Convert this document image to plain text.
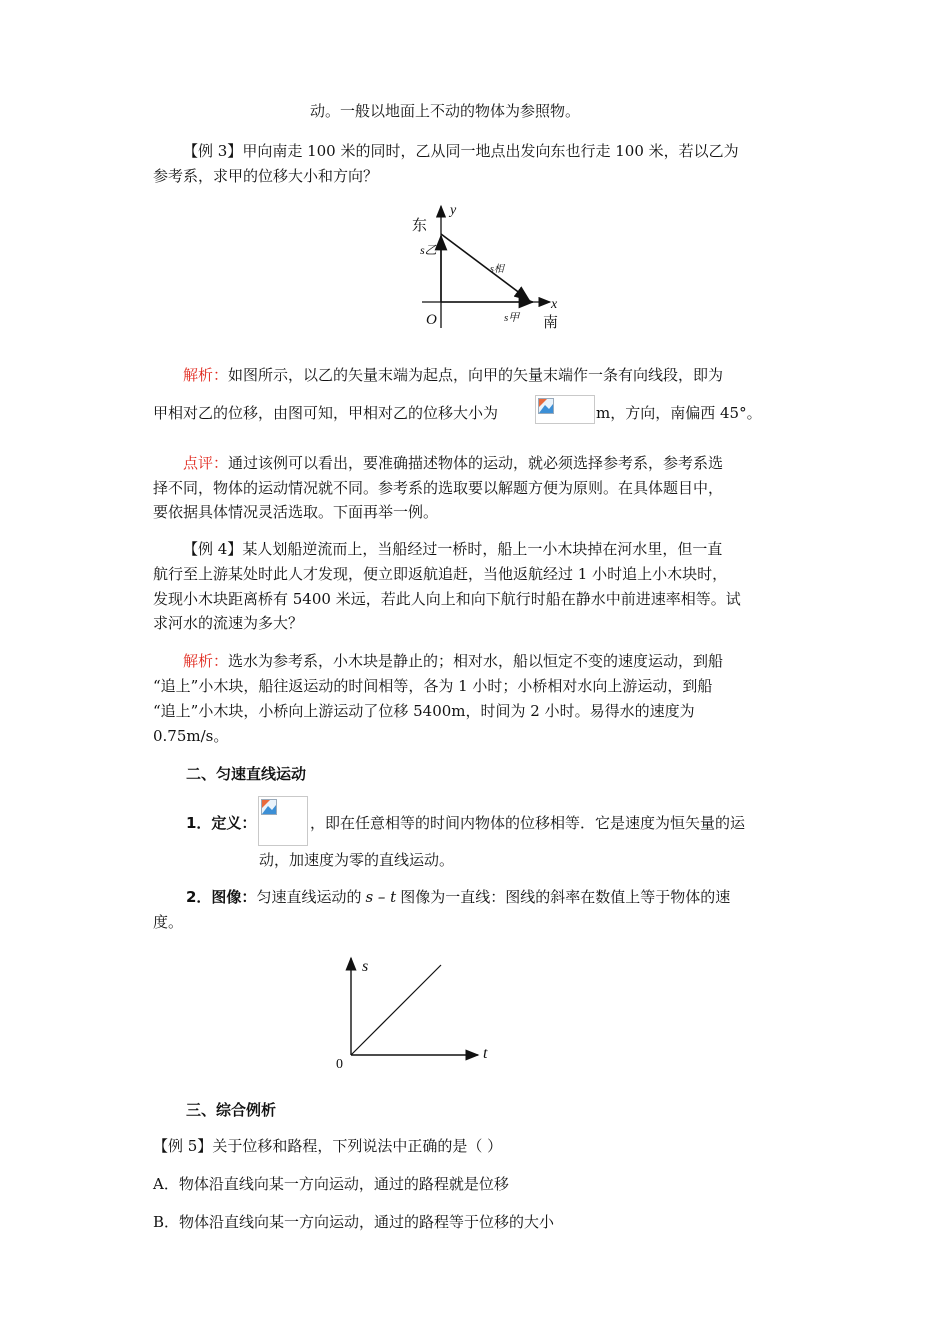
动。一般以地面上不动的物体为参照物。
【例 3】甲向南走 100 米的同时，乙从同一地点出发向东也行走 100 米，若以乙为
参考系，求甲的位移大小和方向？
东
南
y
x
O
s乙
s相
s甲
解析：如图所示，以乙的矢量末端为起点，向甲的矢量末端作一条有向线段，即为
甲相对乙的位移，由图可知，甲相对乙的位移大小为	m，方向，南偏西 45°。
点评：通过该例可以看出，要准确描述物体的运动，就必须选择参考系，参考系选
择不同，物体的运动情况就不同。参考系的选取要以解题方便为原则。在具体题目中，
要依据具体情况灵活选取。下面再举一例。
【例 4】某人划船逆流而上，当船经过一桥时，船上一小木块掉在河水里，但一直
航行至上游某处时此人才发现，便立即返航追赶，当他返航经过 1 小时追上小木块时，
发现小木块距离桥有 5400 米远，若此人向上和向下航行时船在静水中前进速率相等。试
求河水的流速为多大？
解析：选水为参考系，小木块是静止的；相对水，船以恒定不变的速度运动，到船
“追上”小木块，船往返运动的时间相等，各为 1 小时；小桥相对水向上游运动，到船
“追上”小木块，小桥向上游运动了位移 5400m，时间为 2 小时。易得水的速度为
0.75m/s。
二、匀速直线运动
1．定义：	，即在任意相等的时间内物体的位移相等．它是速度为恒矢量的运
动，加速度为零的直线运动。
2．图像：匀速直线运动的 s – t 图像为一直线：图线的斜率在数值上等于物体的速
度。
s
t
0
三、综合例析
【例 5】关于位移和路程，下列说法中正确的是（ ）
A．物体沿直线向某一方向运动，通过的路程就是位移
B．物体沿直线向某一方向运动，通过的路程等于位移的大小
